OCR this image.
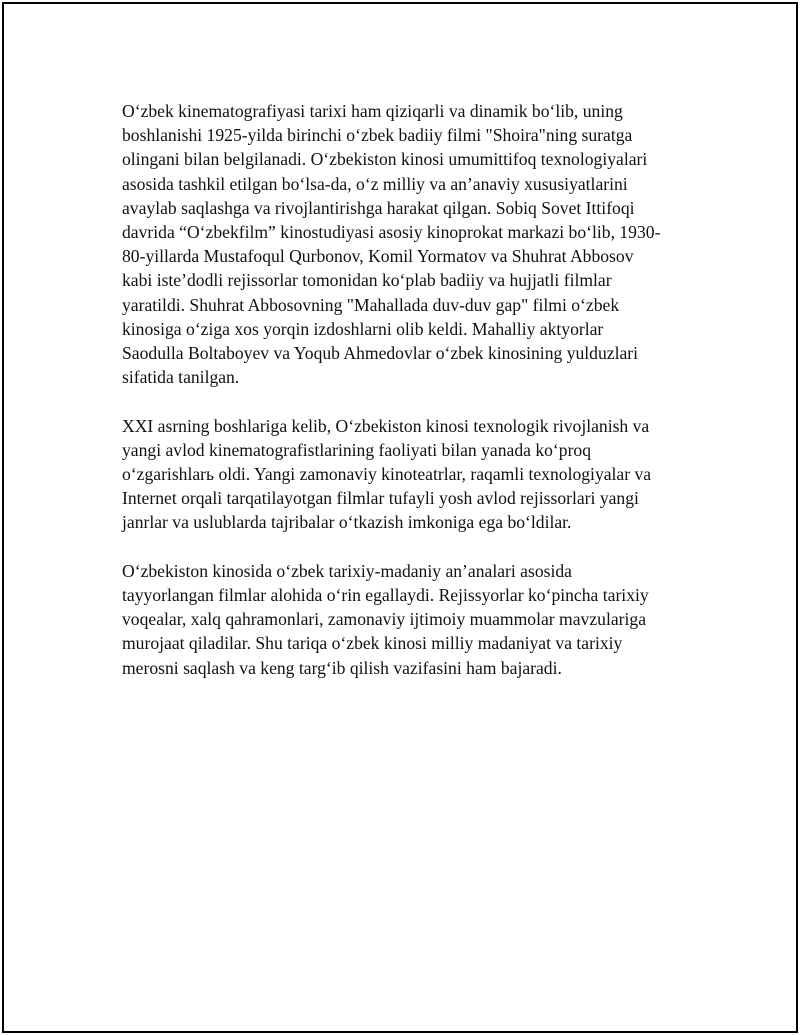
O‘zbek kinematografiyasi tarixi ham qiziqarli va dinamik bo‘lib, uning
boshlanishi 1925-yilda birinchi o‘zbek badiiy filmi "Shoira"ning suratga
olingani bilan belgilanadi. O‘zbekiston kinosi umumittifoq texnologiyalari
asosida tashkil etilgan bo‘lsa-da, o‘z milliy va an’anaviy xususiyatlarini
avaylab saqlashga va rivojlantirishga harakat qilgan. Sobiq Sovet Ittifoqi
davrida “O‘zbekfilm” kinostudiyasi asosiy kinoprokat markazi bo‘lib, 1930-
80-yillarda Mustafoqul Qurbonov, Komil Yormatov va Shuhrat Abbosov
kabi iste’dodli rejissorlar tomonidan ko‘plab badiiy va hujjatli filmlar
yaratildi. Shuhrat Abbosovning "Mahallada duv-duv gap" filmi o‘zbek
kinosiga o‘ziga xos yorqin izdoshlarni olib keldi. Mahalliy aktyorlar
Saodulla Boltaboyev va Yoqub Ahmedovlar o‘zbek kinosining yulduzlari
sifatida tanilgan.

XXI asrning boshlariga kelib, O‘zbekiston kinosi texnologik rivojlanish va
yangi avlod kinematografistlarining faoliyati bilan yanada ko‘proq
o‘zgarishlarь oldi. Yangi zamonaviy kinoteatrlar, raqamli texnologiyalar va
Internet orqali tarqatilayotgan filmlar tufayli yosh avlod rejissorlari yangi
janrlar va uslublarda tajribalar o‘tkazish imkoniga ega bo‘ldilar.

O‘zbekiston kinosida o‘zbek tarixiy-madaniy an’analari asosida
tayyorlangan filmlar alohida o‘rin egallaydi. Rejissyorlar ko‘pincha tarixiy
voqealar, xalq qahramonlari, zamonaviy ijtimoiy muammolar mavzulariga
murojaat qiladilar. Shu tariqa o‘zbek kinosi milliy madaniyat va tarixiy
merosni saqlash va keng targ‘ib qilish vazifasini ham bajaradi.
